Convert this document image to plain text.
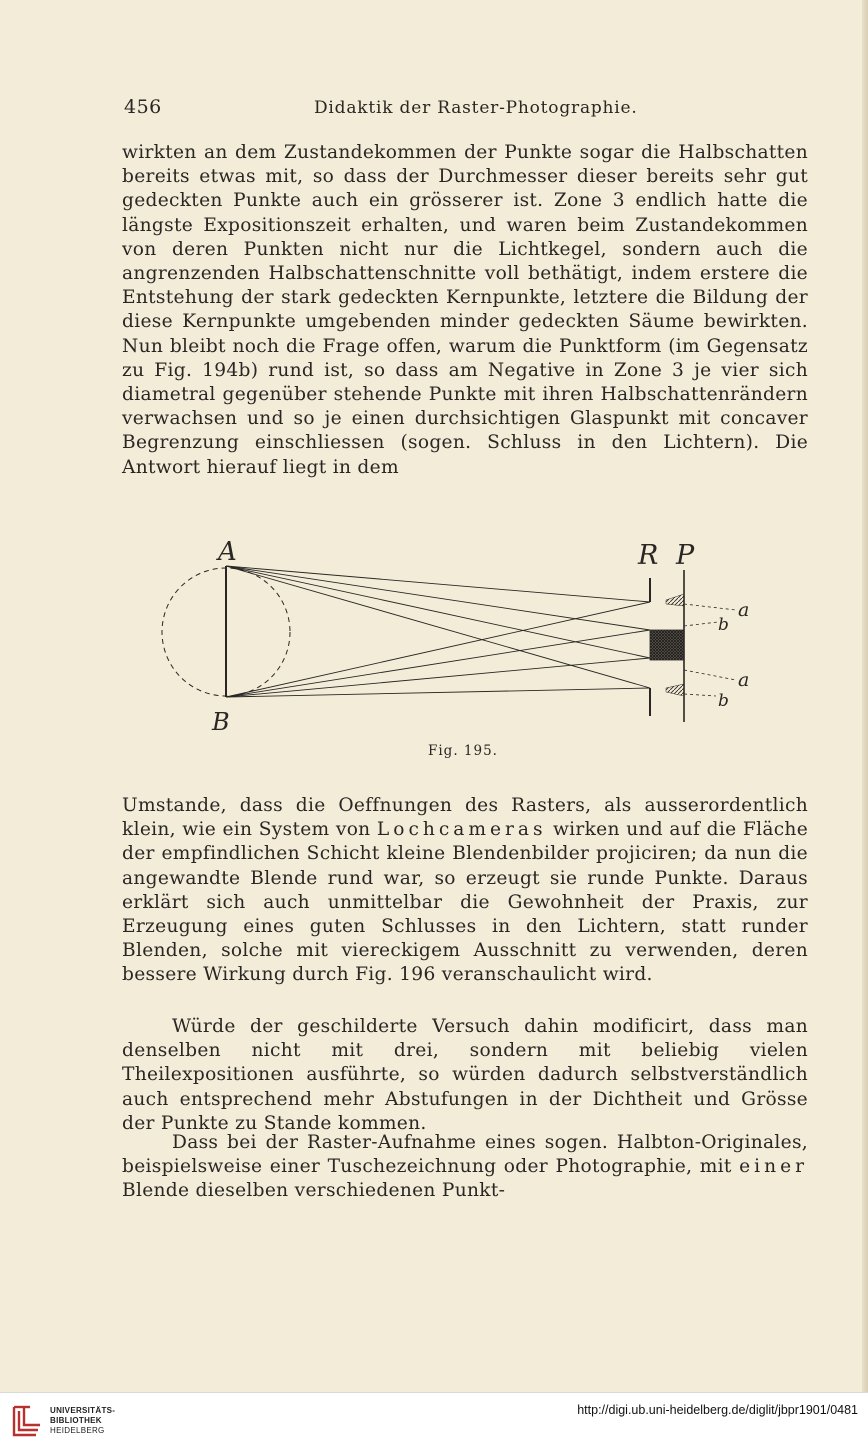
456	Didaktik der Raster-Photographie.
wirkten an dem Zustandekommen der Punkte sogar die Halbschatten bereits etwas mit, so dass der Durchmesser dieser bereits sehr gut gedeckten Punkte auch ein grösserer ist. Zone 3 endlich hatte die längste Expositionszeit erhalten, und waren beim Zustandekommen von deren Punkten nicht nur die Lichtkegel, sondern auch die angrenzenden Halbschattenschnitte voll bethätigt, indem erstere die Entstehung der stark gedeckten Kernpunkte, letztere die Bildung der diese Kernpunkte umgebenden minder gedeckten Säume bewirkten. Nun bleibt noch die Frage offen, warum die Punktform (im Gegensatz zu Fig. 194b) rund ist, so dass am Negative in Zone 3 je vier sich diametral gegenüber stehende Punkte mit ihren Halbschattenrändern verwachsen und so je einen durchsichtigen Glaspunkt mit concaver Begrenzung einschliessen (sogen. Schluss in den Lichtern). Die Antwort hierauf liegt in dem
A
B
R P
a
b
a
b
Fig. 195.
Umstande, dass die Oeffnungen des Rasters, als ausserordentlich klein, wie ein System von Lochcameras wirken und auf die Fläche der empfindlichen Schicht kleine Blendenbilder projiciren; da nun die angewandte Blende rund war, so erzeugt sie runde Punkte. Daraus erklärt sich auch unmittelbar die Gewohnheit der Praxis, zur Erzeugung eines guten Schlusses in den Lichtern, statt runder Blenden, solche mit viereckigem Ausschnitt zu verwenden, deren bessere Wirkung durch Fig. 196 veranschaulicht wird.
Würde der geschilderte Versuch dahin modificirt, dass man denselben nicht mit drei, sondern mit beliebig vielen Theilexpositionen ausführte, so würden dadurch selbstverständlich auch entsprechend mehr Abstufungen in der Dichtheit und Grösse der Punkte zu Stande kommen.
Dass bei der Raster-Aufnahme eines sogen. Halbton-Originales, beispielsweise einer Tuschezeichnung oder Photographie, mit einer Blende dieselben verschiedenen Punkt-
UNIVERSITÄTS-
BIBLIOTHEK
HEIDELBERG
http://digi.ub.uni-heidelberg.de/diglit/jbpr1901/0481
